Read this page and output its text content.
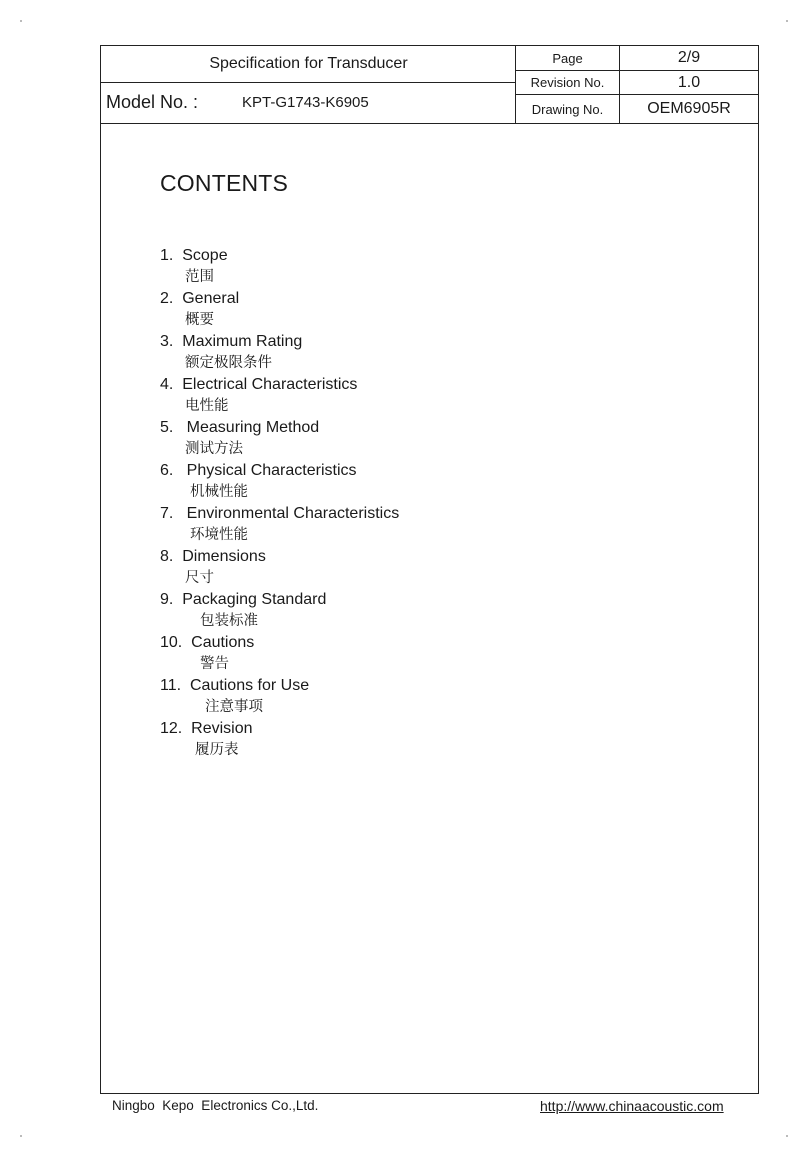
Specification for Transducer
Model No. :	KPT-G1743-K6905
Page	2/9
Revision No.	1.0
Drawing No.	OEM6905R
CONTENTS
1.  Scope
范围
2.  General
概要
3.  Maximum Rating
额定极限条件
4.  Electrical Characteristics
电性能
5.   Measuring Method
测试方法
6.   Physical Characteristics
机械性能
7.   Environmental Characteristics
环境性能
8.  Dimensions
尺寸
9.  Packaging Standard
包装标准
10.  Cautions
警告
11.  Cautions for Use
注意事项
12.  Revision
履历表
Ningbo  Kepo  Electronics Co.,Ltd.	http://www.chinaacoustic.com
